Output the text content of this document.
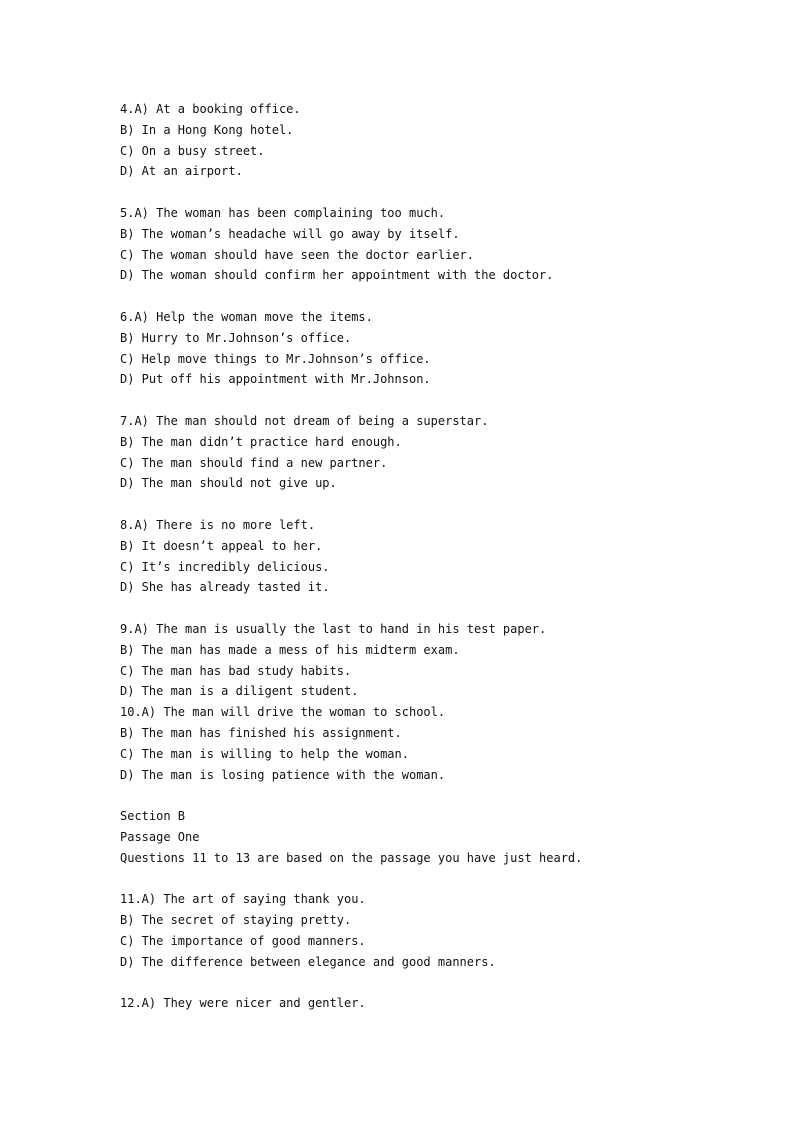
4.A) At a booking office.
B) In a Hong Kong hotel.
C) On a busy street.
D) At an airport.
5.A) The woman has been complaining too much.
B) The woman’s headache will go away by itself.
C) The woman should have seen the doctor earlier.
D) The woman should confirm her appointment with the doctor.
6.A) Help the woman move the items.
B) Hurry to Mr.Johnson’s office.
C) Help move things to Mr.Johnson’s office.
D) Put off his appointment with Mr.Johnson.
7.A) The man should not dream of being a superstar.
B) The man didn’t practice hard enough.
C) The man should find a new partner.
D) The man should not give up.
8.A) There is no more left.
B) It doesn’t appeal to her.
C) It’s incredibly delicious.
D) She has already tasted it.
9.A) The man is usually the last to hand in his test paper.
B) The man has made a mess of his midterm exam.
C) The man has bad study habits.
D) The man is a diligent student.
10.A) The man will drive the woman to school.
B) The man has finished his assignment.
C) The man is willing to help the woman.
D) The man is losing patience with the woman.
Section B
Passage One
Questions 11 to 13 are based on the passage you have just heard.
11.A) The art of saying thank you.
B) The secret of staying pretty.
C) The importance of good manners.
D) The difference between elegance and good manners.
12.A) They were nicer and gentler.
